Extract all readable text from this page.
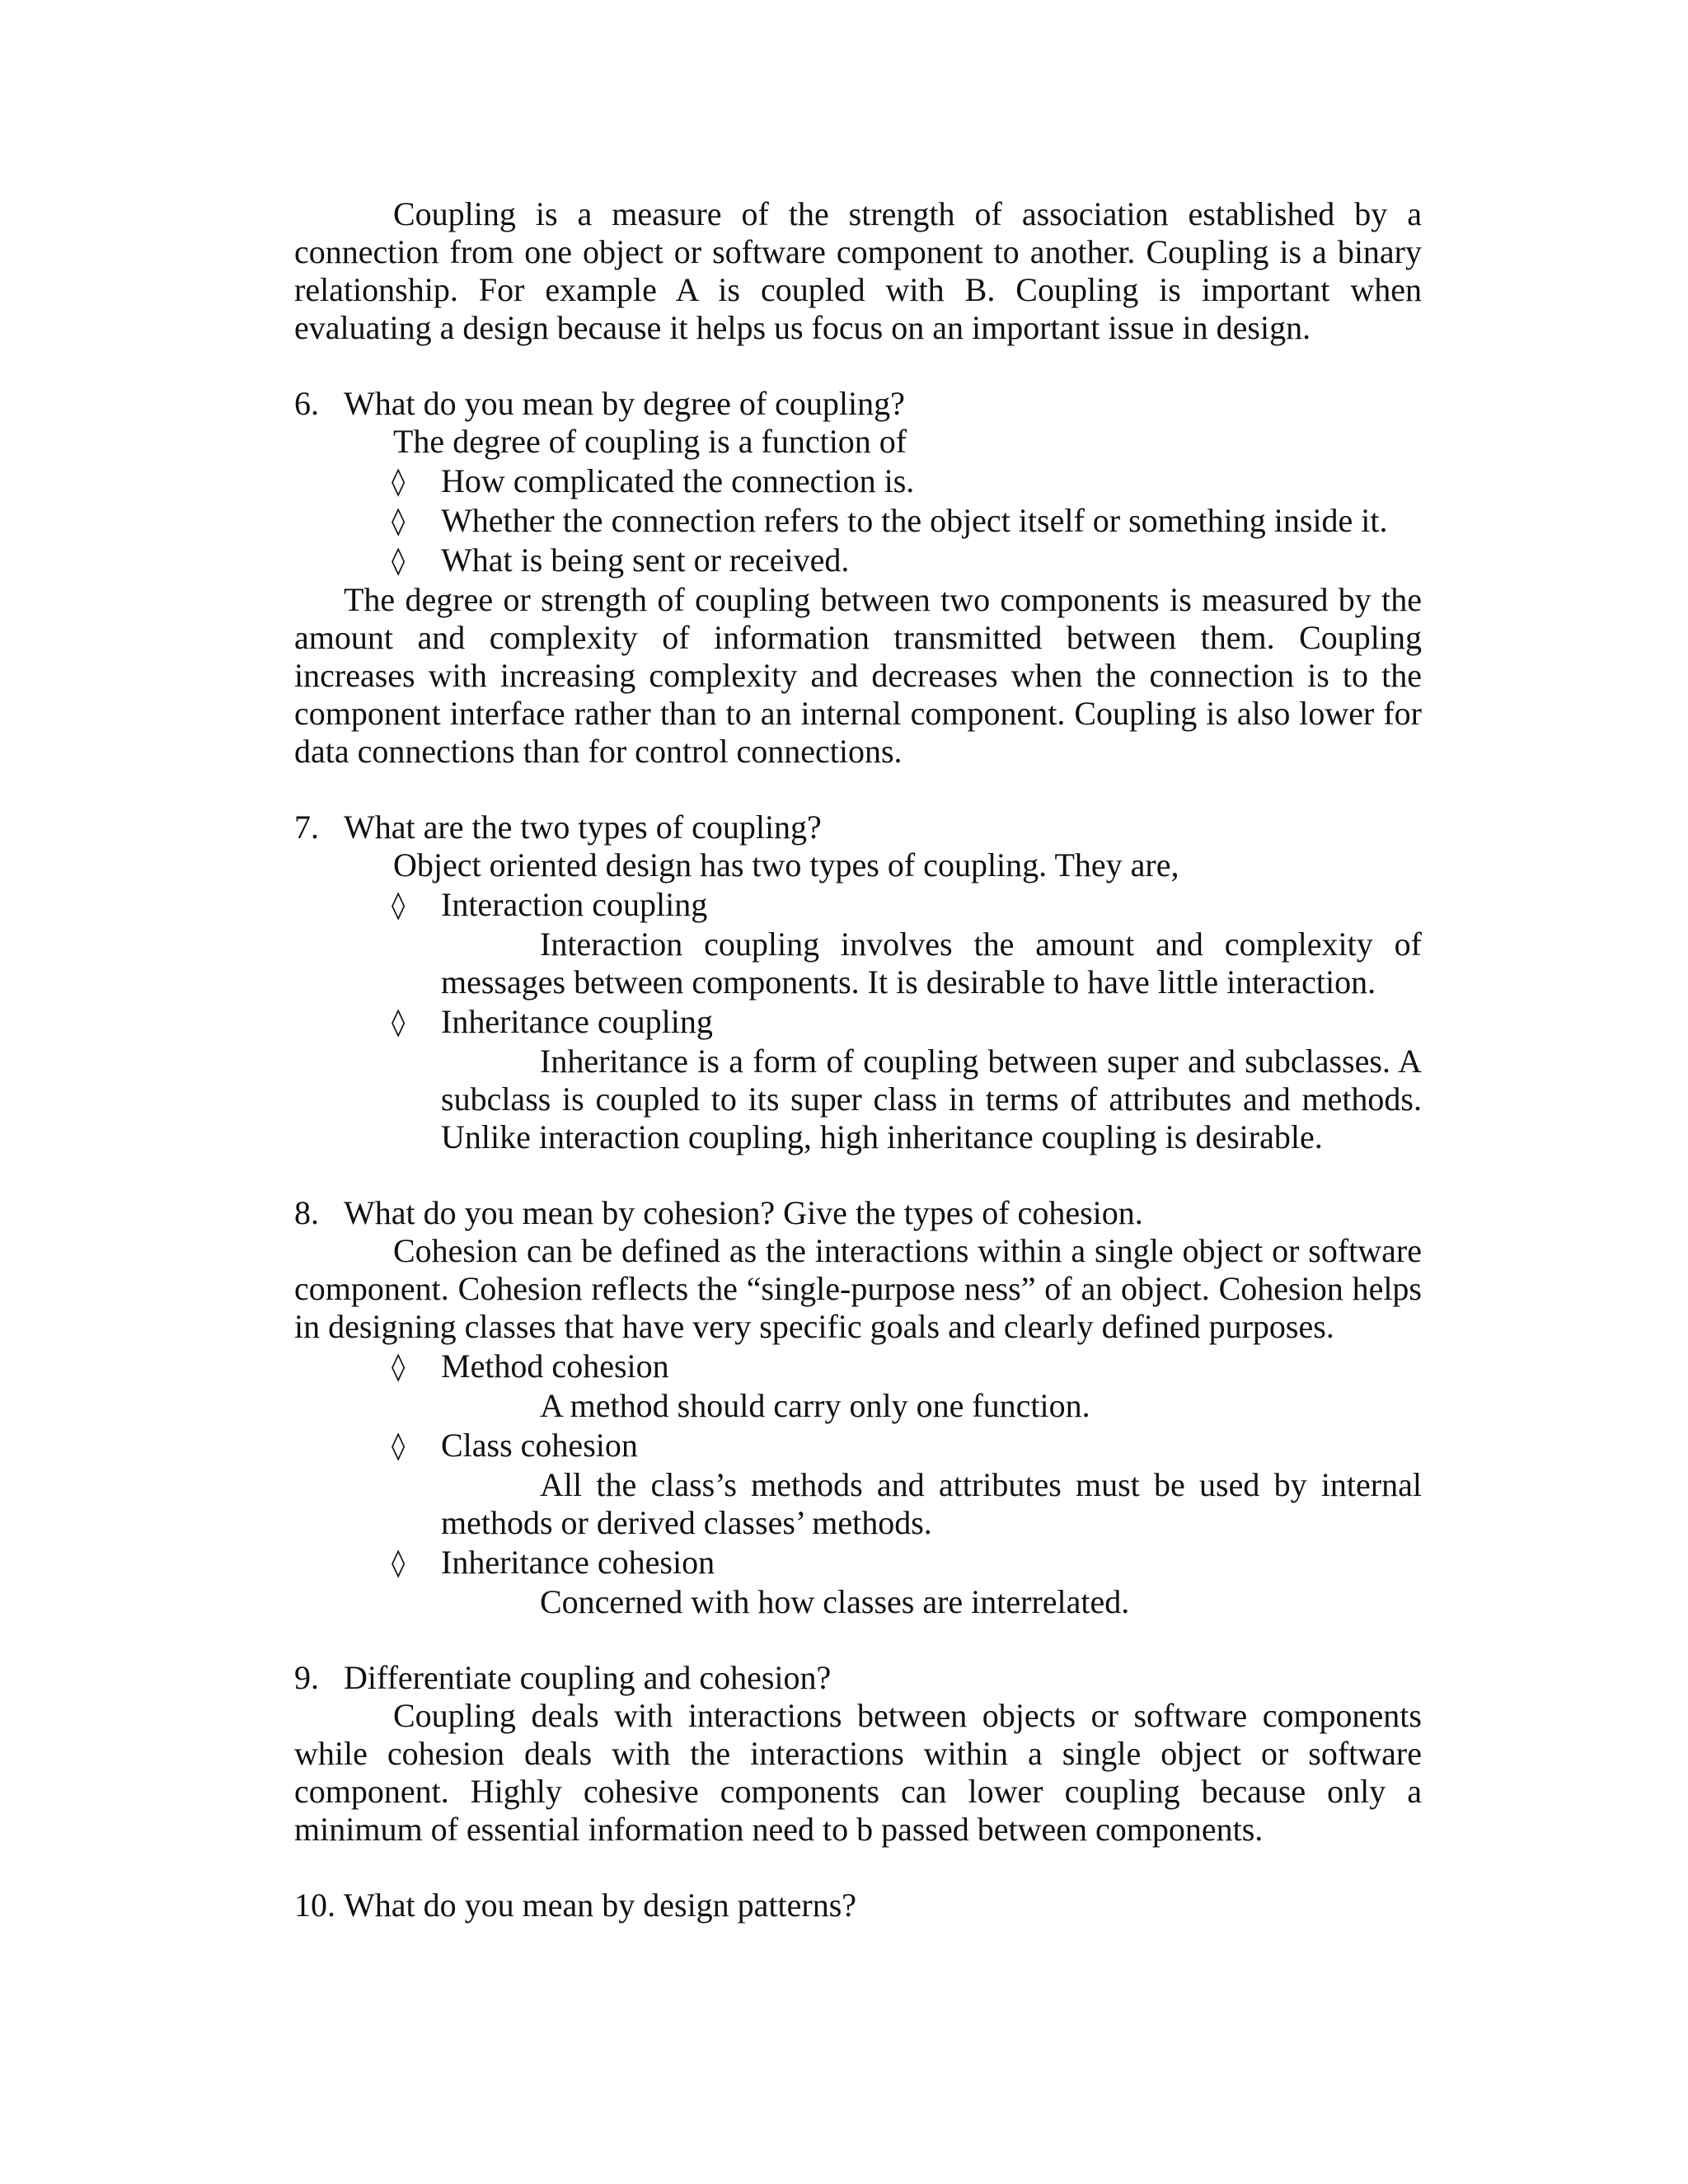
Coupling is a measure of the strength of association established by a connection from one object or software component to another. Coupling is a binary relationship. For example A is coupled with B. Coupling is important when evaluating a design because it helps us focus on an important issue in design.

6. What do you mean by degree of coupling?

The degree of coupling is a function of

◊	How complicated the connection is.
◊	Whether the connection refers to the object itself or something inside it.
◊	What is being sent or received.

The degree or strength of coupling between two components is measured by the amount and complexity of information transmitted between them. Coupling increases with increasing complexity and decreases when the connection is to the component interface rather than to an internal component. Coupling is also lower for data connections than for control connections.

7. What are the two types of coupling?

Object oriented design has two types of coupling. They are,

◊	Interaction coupling

Interaction coupling involves the amount and complexity of messages between components. It is desirable to have little interaction.

◊	Inheritance coupling

Inheritance is a form of coupling between super and subclasses. A subclass is coupled to its super class in terms of attributes and methods. Unlike interaction coupling, high inheritance coupling is desirable.

8. What do you mean by cohesion? Give the types of cohesion.

Cohesion can be defined as the interactions within a single object or software component. Cohesion reflects the “single-purpose ness” of an object. Cohesion helps in designing classes that have very specific goals and clearly defined purposes.

◊	Method cohesion

A method should carry only one function.

◊	Class cohesion

All the class’s methods and attributes must be used by internal methods or derived classes’ methods.

◊	Inheritance cohesion

Concerned with how classes are interrelated.

9. Differentiate coupling and cohesion?

Coupling deals with interactions between objects or software components while cohesion deals with the interactions within a single object or software component. Highly cohesive components can lower coupling because only a minimum of essential information need to b passed between components.

10. What do you mean by design patterns?
